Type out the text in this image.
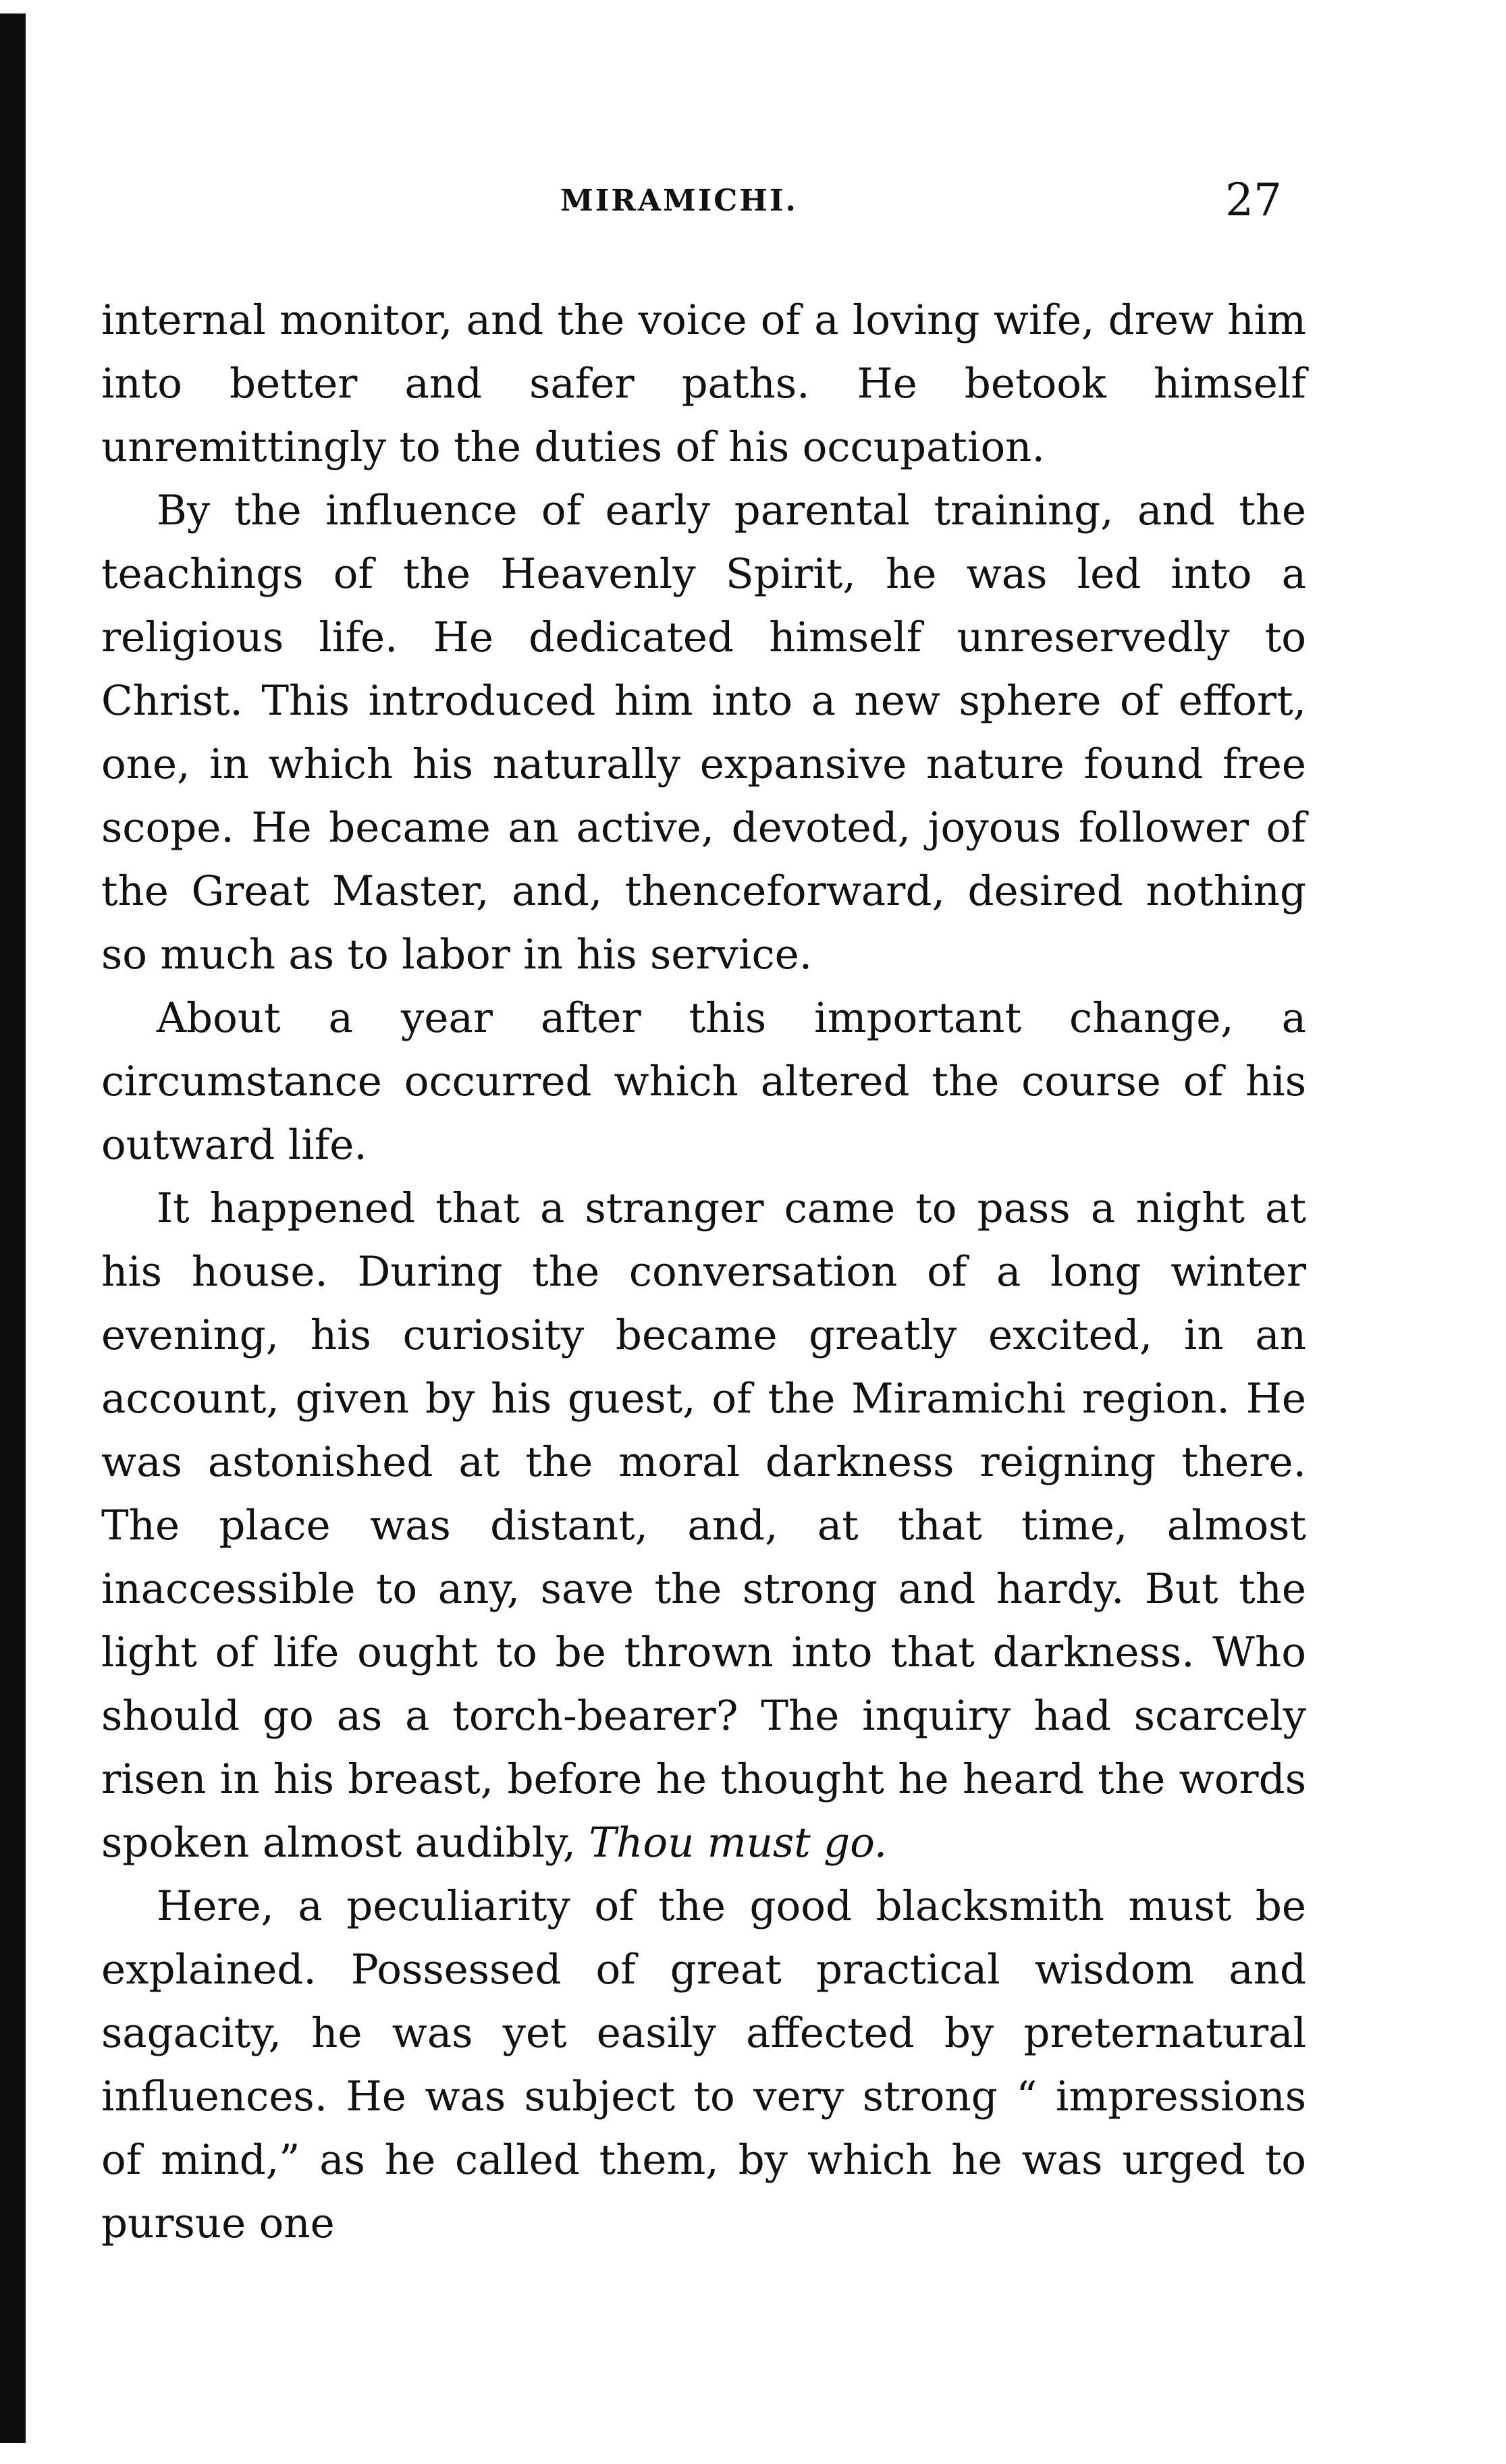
MIRAMICHI.	27

internal monitor, and the voice of a loving wife, drew him into better and safer paths. He betook himself unremittingly to the duties of his occupation.

By the influence of early parental training, and the teachings of the Heavenly Spirit, he was led into a religious life. He dedicated himself unreservedly to Christ. This introduced him into a new sphere of effort, one, in which his naturally expansive nature found free scope. He became an active, devoted, joyous follower of the Great Master, and, thenceforward, desired nothing so much as to labor in his service.

About a year after this important change, a circumstance occurred which altered the course of his outward life.

It happened that a stranger came to pass a night at his house. During the conversation of a long winter evening, his curiosity became greatly excited, in an account, given by his guest, of the Miramichi region. He was astonished at the moral darkness reigning there. The place was distant, and, at that time, almost inaccessible to any, save the strong and hardy. But the light of life ought to be thrown into that darkness. Who should go as a torch-bearer? The inquiry had scarcely risen in his breast, before he thought he heard the words spoken almost audibly, Thou must go.

Here, a peculiarity of the good blacksmith must be explained. Possessed of great practical wisdom and sagacity, he was yet easily affected by preternatural influences. He was subject to very strong “ impressions of mind,” as he called them, by which he was urged to pursue one
